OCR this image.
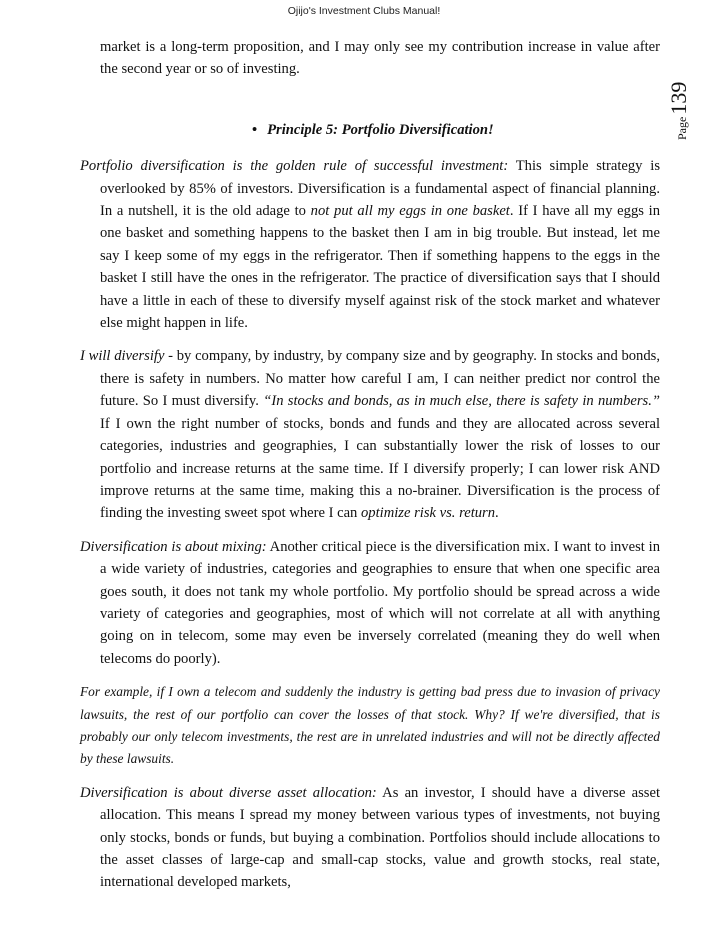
Ojijo's Investment Clubs Manual!
Page139

market is a long-term proposition, and I may only see my contribution increase in value after the second year or so of investing.

• Principle 5: Portfolio Diversification!

Portfolio diversification is the golden rule of successful investment: This simple strategy is overlooked by 85% of investors. Diversification is a fundamental aspect of financial planning. In a nutshell, it is the old adage to not put all my eggs in one basket. If I have all my eggs in one basket and something happens to the basket then I am in big trouble. But instead, let me say I keep some of my eggs in the refrigerator. Then if something happens to the eggs in the basket I still have the ones in the refrigerator. The practice of diversification says that I should have a little in each of these to diversify myself against risk of the stock market and whatever else might happen in life.

I will diversify - by company, by industry, by company size and by geography. In stocks and bonds, there is safety in numbers. No matter how careful I am, I can neither predict nor control the future. So I must diversify. “In stocks and bonds, as in much else, there is safety in numbers.” If I own the right number of stocks, bonds and funds and they are allocated across several categories, industries and geographies, I can substantially lower the risk of losses to our portfolio and increase returns at the same time. If I diversify properly; I can lower risk AND improve returns at the same time, making this a no-brainer. Diversification is the process of finding the investing sweet spot where I can optimize risk vs. return.

Diversification is about mixing: Another critical piece is the diversification mix. I want to invest in a wide variety of industries, categories and geographies to ensure that when one specific area goes south, it does not tank my whole portfolio. My portfolio should be spread across a wide variety of categories and geographies, most of which will not correlate at all with anything going on in telecom, some may even be inversely correlated (meaning they do well when telecoms do poorly).

For example, if I own a telecom and suddenly the industry is getting bad press due to invasion of privacy lawsuits, the rest of our portfolio can cover the losses of that stock. Why? If we're diversified, that is probably our only telecom investments, the rest are in unrelated industries and will not be directly affected by these lawsuits.

Diversification is about diverse asset allocation: As an investor, I should have a diverse asset allocation. This means I spread my money between various types of investments, not buying only stocks, bonds or funds, but buying a combination. Portfolios should include allocations to the asset classes of large-cap and small-cap stocks, value and growth stocks, real state, international developed markets,
